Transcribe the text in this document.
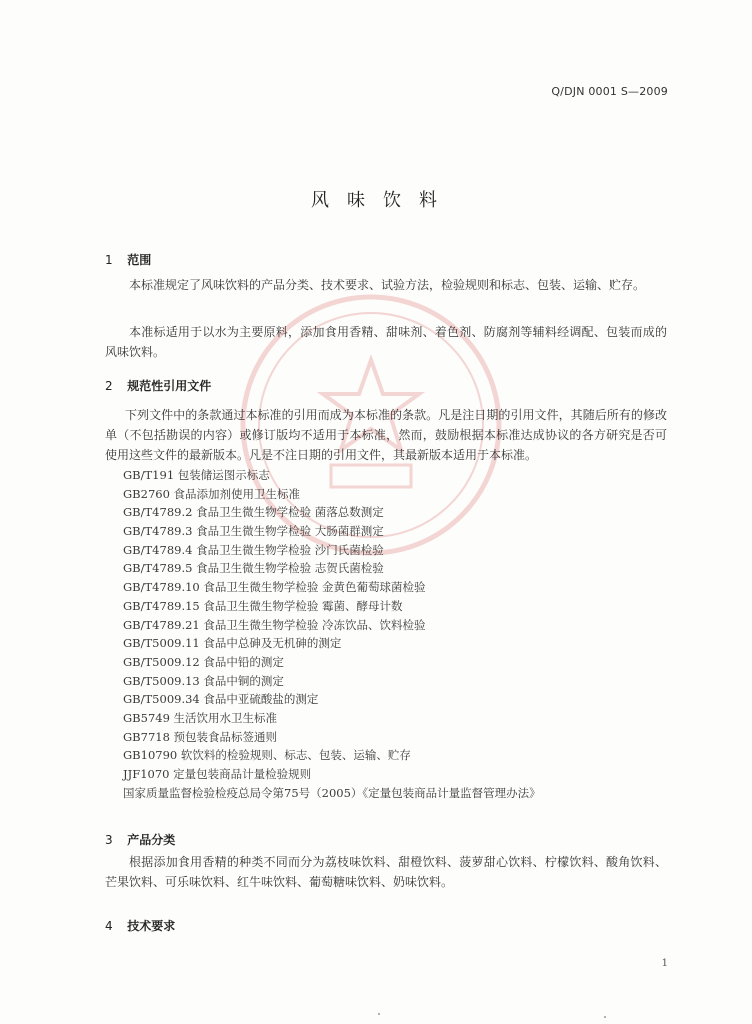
Q/DJN 0001 S—2009
风味饮料
1 范围
本标准规定了风味饮料的产品分类、技术要求、试验方法，检验规则和标志、包装、运输、贮存。
本准标适用于以水为主要原料，添加食用香精、甜味剂、着色剂、防腐剂等辅料经调配、包装而成的风味饮料。
2 规范性引用文件
下列文件中的条款通过本标准的引用而成为本标准的条款。凡是注日期的引用文件，其随后所有的修改单（不包括勘误的内容）或修订版均不适用于本标准，然而，鼓励根据本标准达成协议的各方研究是否可使用这些文件的最新版本。凡是不注日期的引用文件，其最新版本适用于本标准。
GB/T191 包装储运图示标志
GB2760 食品添加剂使用卫生标准
GB/T4789.2 食品卫生微生物学检验 菌落总数测定
GB/T4789.3 食品卫生微生物学检验 大肠菌群测定
GB/T4789.4 食品卫生微生物学检验 沙门氏菌检验
GB/T4789.5 食品卫生微生物学检验 志贺氏菌检验
GB/T4789.10 食品卫生微生物学检验 金黄色葡萄球菌检验
GB/T4789.15 食品卫生微生物学检验 霉菌、酵母计数
GB/T4789.21 食品卫生微生物学检验 冷冻饮品、饮料检验
GB/T5009.11 食品中总砷及无机砷的测定
GB/T5009.12 食品中铅的测定
GB/T5009.13 食品中铜的测定
GB/T5009.34 食品中亚硫酸盐的测定
GB5749 生活饮用水卫生标准
GB7718 预包装食品标签通则
GB10790 软饮料的检验规则、标志、包装、运输、贮存
JJF1070 定量包装商品计量检验规则
国家质量监督检验检疫总局令第75号（2005）《定量包装商品计量监督管理办法》
3 产品分类
根据添加食用香精的种类不同而分为荔枝味饮料、甜橙饮料、菠萝甜心饮料、柠檬饮料、酸角饮料、芒果饮料、可乐味饮料、红牛味饮料、葡萄糖味饮料、奶味饮料。
4 技术要求
1
